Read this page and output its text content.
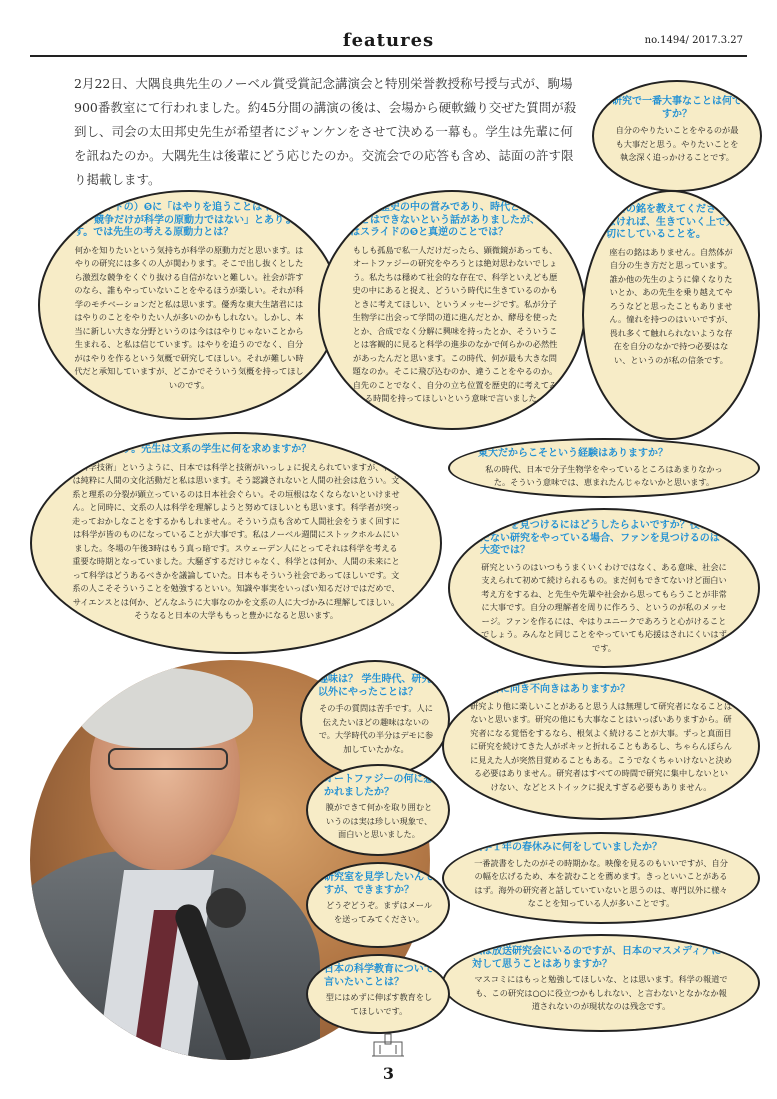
features	no.1494/ 2017.3.27
2月22日、大隅良典先生のノーベル賞受賞記念講演会と特別栄誉教授称号授与式が、駒場900番教室にて行われました。約45分間の講演の後は、会場から硬軟織り交ぜた質問が殺到し、司会の太田邦史先生が希望者にジャンケンをさせて決める一幕も。学生は先輩に何を訊ねたのか。大隅先生は後輩にどう応じたのか。交流会での応答も含め、誌面の許す限り掲載します。
研究で一番大事なことは何ですか？
自分のやりたいことをやるのが最も大事だと思う。やりたいことを執念深く追っかけることです。
（スライドの）❺に「はやりを追うことはやめよう、競争だけが科学の原動力ではない」とあります。では先生の考える原動力とは？
何かを知りたいという気持ちが科学の原動力だと思います。はやりの研究には多くの人が関わります。そこで出し抜くとしたら激烈な競争をくぐり抜ける自信がないと難しい。社会が許すのなら、誰もやっていないことをやるほうが楽しい。それが科学のモチベーションだと私は思います。優秀な東大生諸君にははやりのことをやりたい人が多いのかもしれない。しかし、本当に新しい大きな分野というのは今ははやりじゃないことから生まれる、と私は信じています。はやりを追うのでなく、自分がはやりを作るという気概で研究してほしい。それが難しい時代だと承知していますが、どこかでそういう気概を持ってほしいのです。
科学は歴史の中の営みであり、時代と切り離すことはできないという話がありましたが、それはスライドの❺と真逆のことでは？
もしも孤島で私一人だけだったら、顕微鏡があっても、オートファジーの研究をやろうとは絶対思わないでしょう。私たちは穩めて社会的な存在で、科学といえども歴史の中にあると捉え、どういう時代に生きているのかもときに考えてほしい、というメッセージです。私が分子生物学に出会って学問の道に進んだとか、酵母を使ったとか、合成でなく分解に興味を持ったとか、そういうことは客観的に見ると科学の進歩のなかで何らかの必然性があったんだと思います。この時代、何が最も大きな問題なのか。そこに飛び込むのか、違うことをやるのか。自先のことでなく、自分の立ち位置を歴史的に考えてみる時間を持ってほしいという意味で言いました。
座右の銘を教えてください。なければ、生きていく上で大切にしていることを。
座右の銘はありません。自然体が自分の生き方だと思っています。誰か他の先生のように偉くなりたいとか、あの先生を乗り越えてやろうなどと思ったこともありません。憧れを持つのはいいですが、畏れ多くて触れられないような存在を自分のなかで持つ必要はない、というのが私の信条です。
僕は文系です。先生は文系の学生に何を求めますか？
「科学技術」というように、日本では科学と技術がいっしょに捉えられていますが、科学は純粋に人間の文化活動だと私は思います。そう認識されないと人間の社会は危うい。文系と理系の分裂が顕立っているのは日本社会ぐらい。その垣根はなくならないといけません。と同時に、文系の人は科学を理解しようと努めてほしいとも思います。科学者が突っ走っておかしなことをするかもしれません。そういう点も含めて人間社会をうまく回すには科学が皆のものになっていることが大事です。私はノーベル週間にストックホルムにいました。冬場の午後3時はもう真っ暗です。スウェーデン人にとってそれは科学を考える重要な時期となっていました。大騒ぎするだけじゃなく、科学とは何か、人間の未来にとって科学はどうあるべきかを議論していた。日本もそういう社会であってほしいです。文系の人こそそういうことを勉強するといい。知識や事実をいっぱい知るだけではだめで、サイエンスとは何か、どんなふうに大事なのかを文系の人に大づかみに理解してほしい。そうなると日本の大学ももっと豊かになると思います。
東大だからこそという経験はありますか？
私の時代、日本で分子生物学をやっているところはあまりなかった。そういう意味では、恵まれたんじゃないかと思います。
ファンを見つけるにはどうしたらよいですか？役に立たない研究をやっている場合、ファンを見つけるのは大変では？
研究というのはいつもうまくいくわけではなく、ある意味、社会に支えられて初めて続けられるもの。まだ何もできてないけど面白い考え方をするね、と先生や先輩や社会から思ってもらうことが非常に大事です。自分の理解者を周りに作ろう、というのが私のメッセージ。ファンを作るには、やはりユニークであろうと心がけることでしょう。みんなと同じことをやっていても応援はされにくいはずです。
趣味は？ 学生時代、研究以外にやったことは？
その手の質問は苦手です。人に伝えたいほどの趣味はないので。大学時代の半分はデモに参加していたかな。
研究者に向き不向きはありますか？
研究より他に楽しいことがあると思う人は無理して研究者になることはないと思います。研究の他にも大事なことはいっぱいありますから。研究者になる覚悟をするなら、根気よく続けることが大事。ずっと真面目に研究を続けてきた人がポキッと折れることもあるし、ちゃらんぽらんに見えた人が突然目覚めることもある。こうでなくちゃいけないと決める必要はありません。研究者はすべての時間で研究に集中しないといけない、などとストイックに捉えすぎる必要もありません。
オートファジーの何に惹かれましたか？
膜ができて何かを取り囲むというのは実は珍しい現象で、面白いと思いました。
大学１年の春休みに何をしていましたか？
一番読書をしたのがその時期かな。映像を見るのもいいですが、自分の幅を広げるため、本を読むことを薦めます。きっといいことがあるはず。海外の研究者と話していていないと思うのは、専門以外に様々なことを知っている人が多いことです。
研究室を見学したいんですが、できますか？
どうぞどうぞ。まずはメールを送ってみてください。
私は放送研究会にいるのですが、日本のマスメディアに対して思うことはありますか？
マスコミにはもっと勉強してほしいな、とは思います。科学の報道でも、この研究は○○に役立つかもしれない、と言わないとなかなか報道されないのが現状なのは残念です。
日本の科学教育について言いたいことは？
型にはめずに伸ばす教育をしてほしいです。
3
